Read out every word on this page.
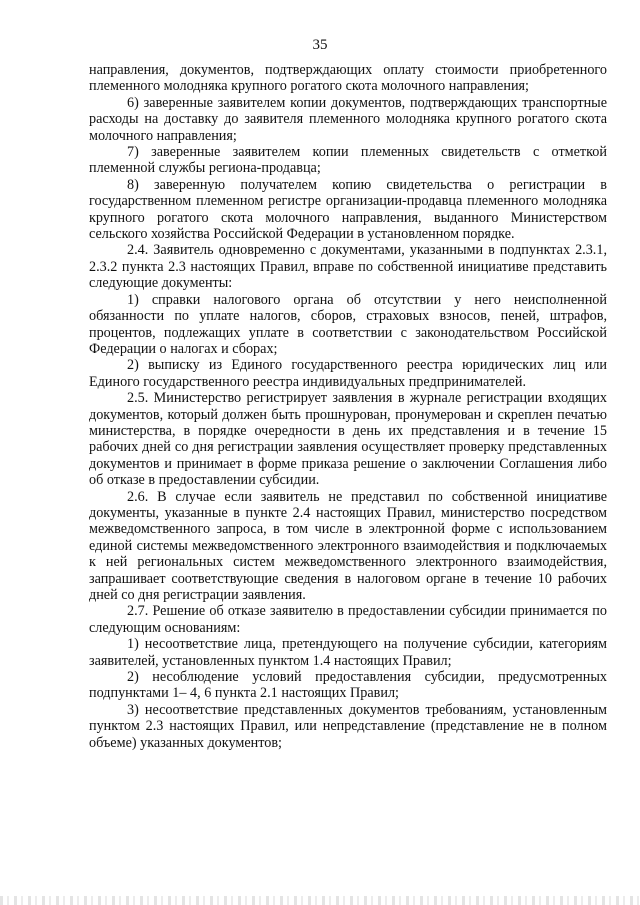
35

направления, документов, подтверждающих оплату стоимости приобретенного племенного молодняка крупного рогатого скота молочного направления;

6) заверенные заявителем копии документов, подтверждающих транспортные расходы на доставку до заявителя племенного молодняка крупного рогатого скота молочного направления;

7) заверенные заявителем копии племенных свидетельств с отметкой племенной службы региона-продавца;

8) заверенную получателем копию свидетельства о регистрации в государственном племенном регистре организации-продавца племенного молодняка крупного рогатого скота молочного направления, выданного Министерством сельского хозяйства Российской Федерации в установленном порядке.

2.4. Заявитель одновременно с документами, указанными в подпунктах 2.3.1, 2.3.2 пункта 2.3 настоящих Правил, вправе по собственной инициативе представить следующие документы:

1) справки налогового органа об отсутствии у него неисполненной обязанности по уплате налогов, сборов, страховых взносов, пеней, штрафов, процентов, подлежащих уплате в соответствии с законодательством Российской Федерации о налогах и сборах;

2) выписку из Единого государственного реестра юридических лиц или Единого государственного реестра индивидуальных предпринимателей.

2.5. Министерство регистрирует заявления в журнале регистрации входящих документов, который должен быть прошнурован, пронумерован и скреплен печатью министерства, в порядке очередности в день их представления и в течение 15 рабочих дней со дня регистрации заявления осуществляет проверку представленных документов и принимает в форме приказа решение о заключении Соглашения либо об отказе в предоставлении субсидии.

2.6. В случае если заявитель не представил по собственной инициативе документы, указанные в пункте 2.4 настоящих Правил, министерство посредством межведомственного запроса, в том числе в электронной форме с использованием единой системы межведомственного электронного взаимодействия и подключаемых к ней региональных систем межведомственного электронного взаимодействия, запрашивает соответствующие сведения в налоговом органе в течение 10 рабочих дней со дня регистрации заявления.

2.7. Решение об отказе заявителю в предоставлении субсидии принимается по следующим основаниям:

1) несоответствие лица, претендующего на получение субсидии, категориям заявителей, установленных пунктом 1.4 настоящих Правил;

2) несоблюдение условий предоставления субсидии, предусмотренных подпунктами 1– 4, 6 пункта 2.1 настоящих Правил;

3) несоответствие представленных документов требованиям, установленным пунктом 2.3 настоящих Правил, или непредставление (представление не в полном объеме) указанных документов;
